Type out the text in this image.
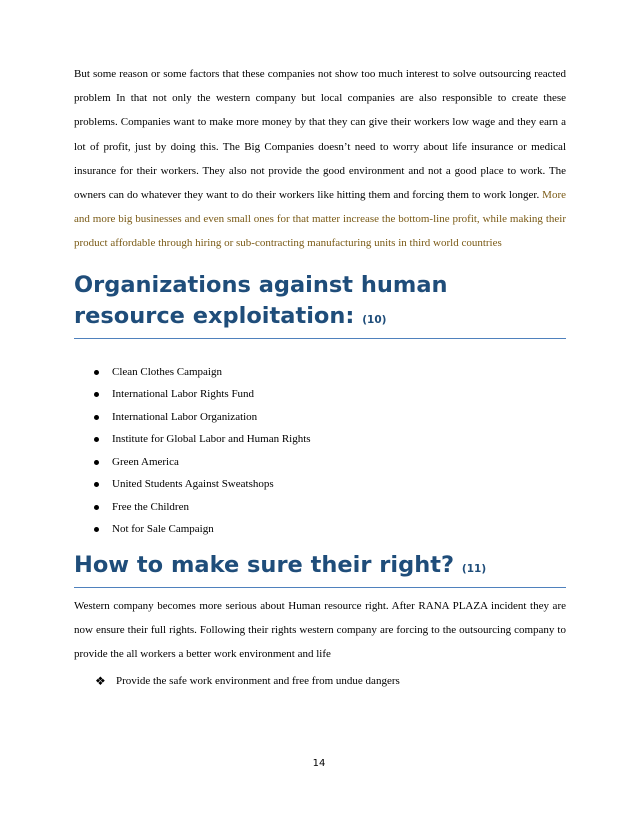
But some reason or some factors that these companies not show too much interest to solve outsourcing reacted problem In that not only the western company but local companies are also responsible to create these problems. Companies want to make more money by that they can give their workers low wage and they earn a lot of profit, just by doing this. The Big Companies doesn’t need to worry about life insurance or medical insurance for their workers. They also not provide the good environment and not a good place to work. The owners can do whatever they want to do their workers like hitting them and forcing them to work longer. More and more big businesses and even small ones for that matter increase the bottom-line profit, while making their product affordable through hiring or sub-contracting manufacturing units in third world countries

Organizations against human resource exploitation: (10)
Clean Clothes Campaign
International Labor Rights Fund
International Labor Organization
Institute for Global Labor and Human Rights
Green America
United Students Against Sweatshops
Free the Children
Not for Sale Campaign
How to make sure their right? (11)

Western company becomes more serious about Human resource right. After RANA PLAZA incident they are now ensure their full rights. Following their rights western company are forcing to the outsourcing company to provide the all workers a better work environment and life

❖ Provide the safe work environment and free from undue dangers
14
